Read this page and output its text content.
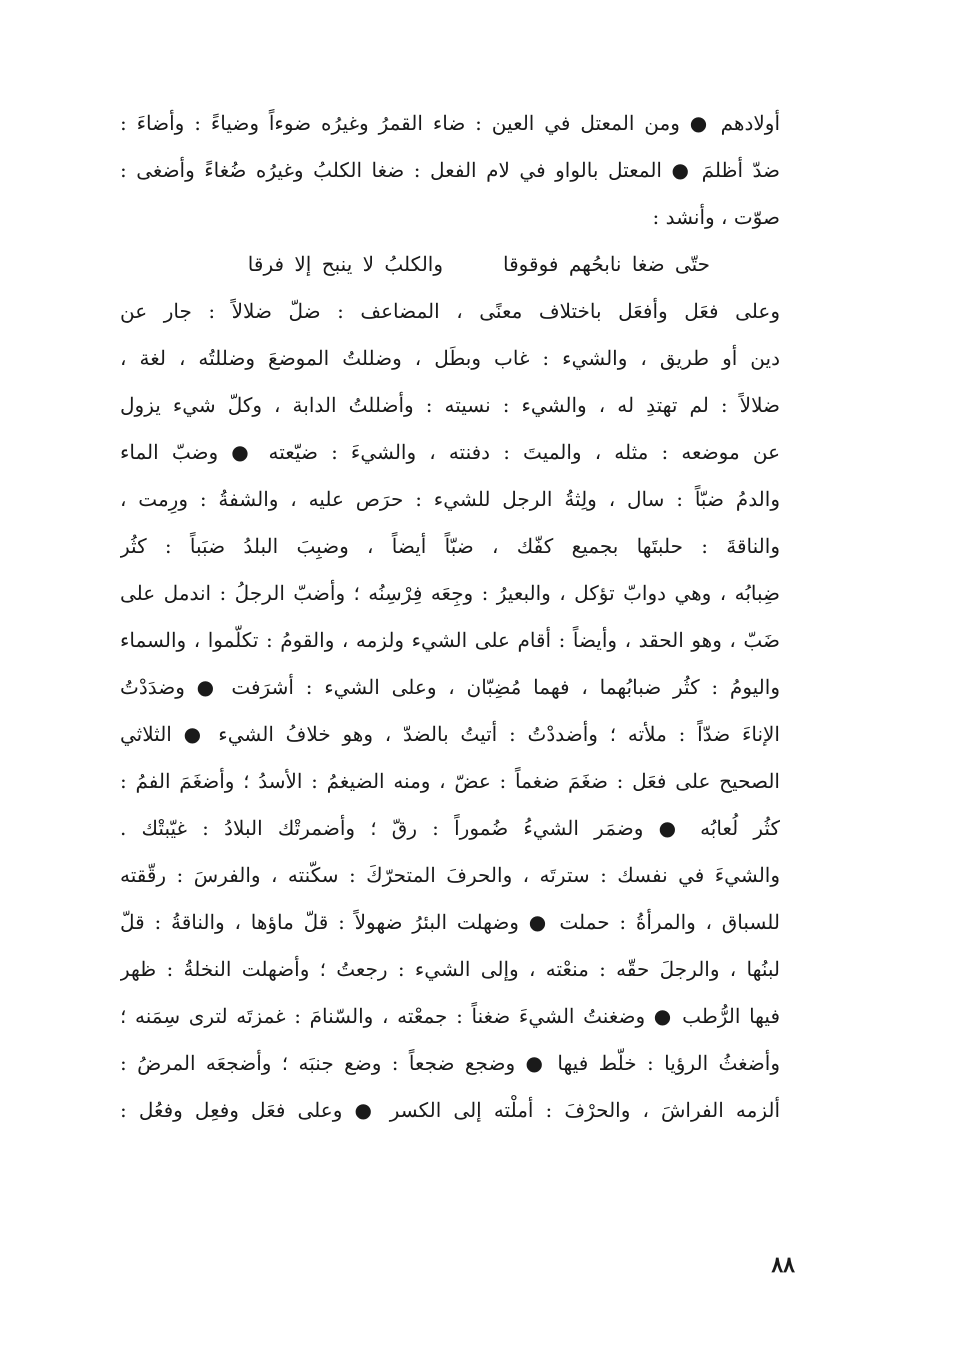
أولادهم ● ومن المعتل في العين : ضاء القمرُ وغيرُه ضوءاً وضياءً : وأضاءَ :
ضدّ أظلمَ ● المعتل بالواو في لام الفعل : ضغا الكلبُ وغيرُه ضُغاءً وأضغى :
صوّت ، وأنشد :
حتّى ضغا نابحُهم فوقوقاوالكلبُ لا ينبح إلا فرقا
وعلى فعَل وأفعَل باختلاف معنًى ، المضاعف : ضلّ ضلالاً : جار عن
دين أو طريق ، والشيء : غاب وبطَل ، وضللتُ الموضعَ وضللتُه ، لغة ،
ضلالاً : لم تهتدِ له ، والشيء : نسيته : وأضللتُ الدابة ، وكلّ شيء يزول
عن موضعه : مثله ، والميتَ : دفنته ، والشيءَ : ضيّعته ● وضبّ الماء
والدمُ ضبّاً : سال ، ولِثةُ الرجل للشيء : حرَص عليه ، والشفةُ : ورِمت ،
والناقةَ : حلبتَها بجميع كفّك ، ضبّاً أيضاً ، وضبِبَ البلدُ ضبَباً : كثُر
ضِبابُه ، وهي دوابّ تؤكل ، والبعيرُ : وجِعَه فِرْسِنُه ؛ وأضبّ الرجلُ : اندمل على
ضَبّ ، وهو الحقد ، وأيضاً : أقام على الشيء ولزمه ، والقومُ : تكلّموا ، والسماء
واليومُ : كثُر ضبابُهما ، فهما مُضِبّان ، وعلى الشيء : أشرَفت ● وضدَدْتُ
الإناءَ ضدّاً : ملأته ؛ وأضددْتُ : أتيتُ بالضدّ ، وهو خلافُ الشيء ● الثلاثي
الصحيح على فعَل : ضغَمَ ضغماً : عضّ ، ومنه الضيغمُ : الأسدُ ؛ وأضغَمَ الفمُ :
كثُر لُعابُه ● وضمَر الشيءُ ضُموراً : رقّ ؛ وأضمرتْك البلادُ : غيّبتْك .
والشيءَ في نفسك : سترتَه ، والحرفَ المتحرّكَ : سكّنته ، والفرسَ : رقّقته
للسباق ، والمرأةُ : حملت ● وضهلت البئرُ ضهولاً : قلّ ماؤها ، والناقةُ : قلّ
لبنُها ، والرجلَ حقّه : منعْته ، وإلى الشيء : رجعتُ ؛ وأضهلت النخلةُ : ظهر
فيها الرُّطب ● وضغنتُ الشيءَ ضغناً : جمعْته ، والسّنامَ : غمزتَه لترى سِمَنه ؛
وأضغثُ الرؤيا : خلّط فيها ● وضجع ضجعاً : وضع جنبَه ؛ وأضجعَه المرضُ :
ألزمه الفراشَ ، والحرْفَ : أملْته إلى الكسر ● وعلى فعَل وفعِل وفعُل :
٨٨
